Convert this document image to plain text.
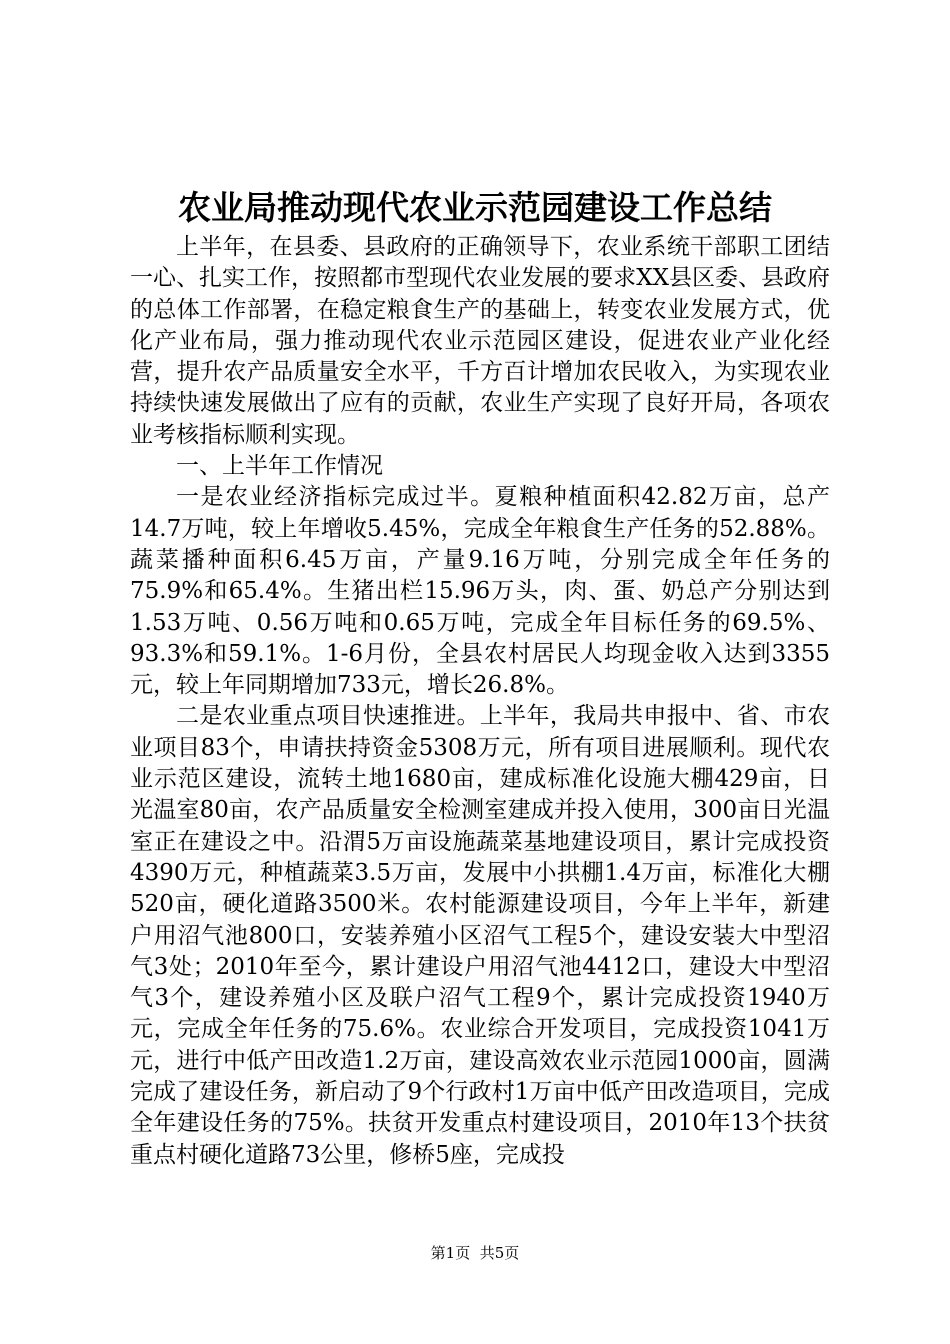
农业局推动现代农业示范园建设工作总结

上半年，在县委、县政府的正确领导下，农业系统干部职工团结一心、扎实工作，按照都市型现代农业发展的要求XX县区委、县政府的总体工作部署，在稳定粮食生产的基础上，转变农业发展方式，优化产业布局，强力推动现代农业示范园区建设，促进农业产业化经营，提升农产品质量安全水平，千方百计增加农民收入，为实现农业持续快速发展做出了应有的贡献，农业生产实现了良好开局，各项农业考核指标顺利实现。

一、上半年工作情况

一是农业经济指标完成过半。夏粮种植面积42.82万亩，总产14.7万吨，较上年增收5.45%，完成全年粮食生产任务的52.88%。蔬菜播种面积6.45万亩，产量9.16万吨，分别完成全年任务的75.9%和65.4%。生猪出栏15.96万头，肉、蛋、奶总产分别达到1.53万吨、0.56万吨和0.65万吨，完成全年目标任务的69.5%、93.3%和59.1%。1-6月份，全县农村居民人均现金收入达到3355元，较上年同期增加733元，增长26.8%。

二是农业重点项目快速推进。上半年，我局共申报中、省、市农业项目83个，申请扶持资金5308万元，所有项目进展顺利。现代农业示范区建设，流转土地1680亩，建成标准化设施大棚429亩，日光温室80亩，农产品质量安全检测室建成并投入使用，300亩日光温室正在建设之中。沿渭5万亩设施蔬菜基地建设项目，累计完成投资4390万元，种植蔬菜3.5万亩，发展中小拱棚1.4万亩，标准化大棚520亩，硬化道路3500米。农村能源建设项目，今年上半年，新建户用沼气池800口，安装养殖小区沼气工程5个，建设安装大中型沼气3处；2010年至今，累计建设户用沼气池4412口，建设大中型沼气3个，建设养殖小区及联户沼气工程9个，累计完成投资1940万元，完成全年任务的75.6%。农业综合开发项目，完成投资1041万元，进行中低产田改造1.2万亩，建设高效农业示范园1000亩，圆满完成了建设任务，新启动了9个行政村1万亩中低产田改造项目，完成全年建设任务的75%。扶贫开发重点村建设项目，2010年13个扶贫重点村硬化道路73公里，修桥5座，完成投

第1页 共5页
